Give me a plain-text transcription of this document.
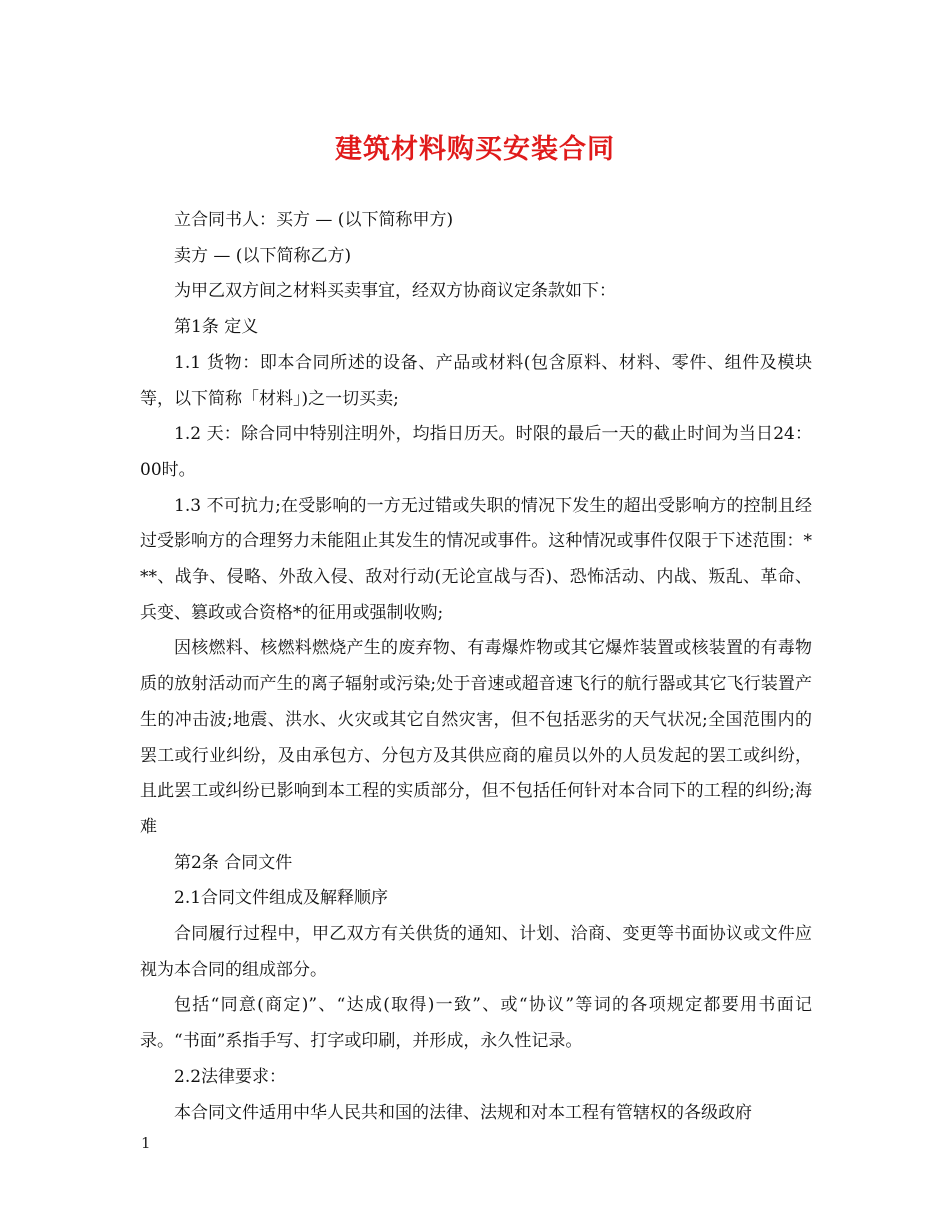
建筑材料购买安装合同

立合同书人：买方 — (以下简称甲方)

卖方 — (以下简称乙方)

为甲乙双方间之材料买卖事宜，经双方协商议定条款如下：

第1条 定义

1.1 货物：即本合同所述的设备、产品或材料(包含原料、材料、零件、组件及模块等，以下简称「材料」)之一切买卖;

1.2 天：除合同中特别注明外，均指日历天。时限的最后一天的截止时间为当日24：00时。

1.3 不可抗力;在受影响的一方无过错或失职的情况下发生的超出受影响方的控制且经过受影响方的合理努力未能阻止其发生的情况或事件。这种情况或事件仅限于下述范围：***、战争、侵略、外敌入侵、敌对行动(无论宣战与否)、恐怖活动、内战、叛乱、革命、兵变、篡政或合资格*的征用或强制收购;

因核燃料、核燃料燃烧产生的废弃物、有毒爆炸物或其它爆炸装置或核装置的有毒物质的放射活动而产生的离子辐射或污染;处于音速或超音速飞行的航行器或其它飞行装置产生的冲击波;地震、洪水、火灾或其它自然灾害，但不包括恶劣的天气状况;全国范围内的罢工或行业纠纷，及由承包方、分包方及其供应商的雇员以外的人员发起的罢工或纠纷，且此罢工或纠纷已影响到本工程的实质部分，但不包括任何针对本合同下的工程的纠纷;海难

第2条 合同文件

2.1合同文件组成及解释顺序

合同履行过程中，甲乙双方有关供货的通知、计划、洽商、变更等书面协议或文件应视为本合同的组成部分。

包括“同意(商定)”、“达成(取得)一致”、或“协议”等词的各项规定都要用书面记录。“书面”系指手写、打字或印刷，并形成，永久性记录。

2.2法律要求：

本合同文件适用中华人民共和国的法律、法规和对本工程有管辖权的各级政府

1
